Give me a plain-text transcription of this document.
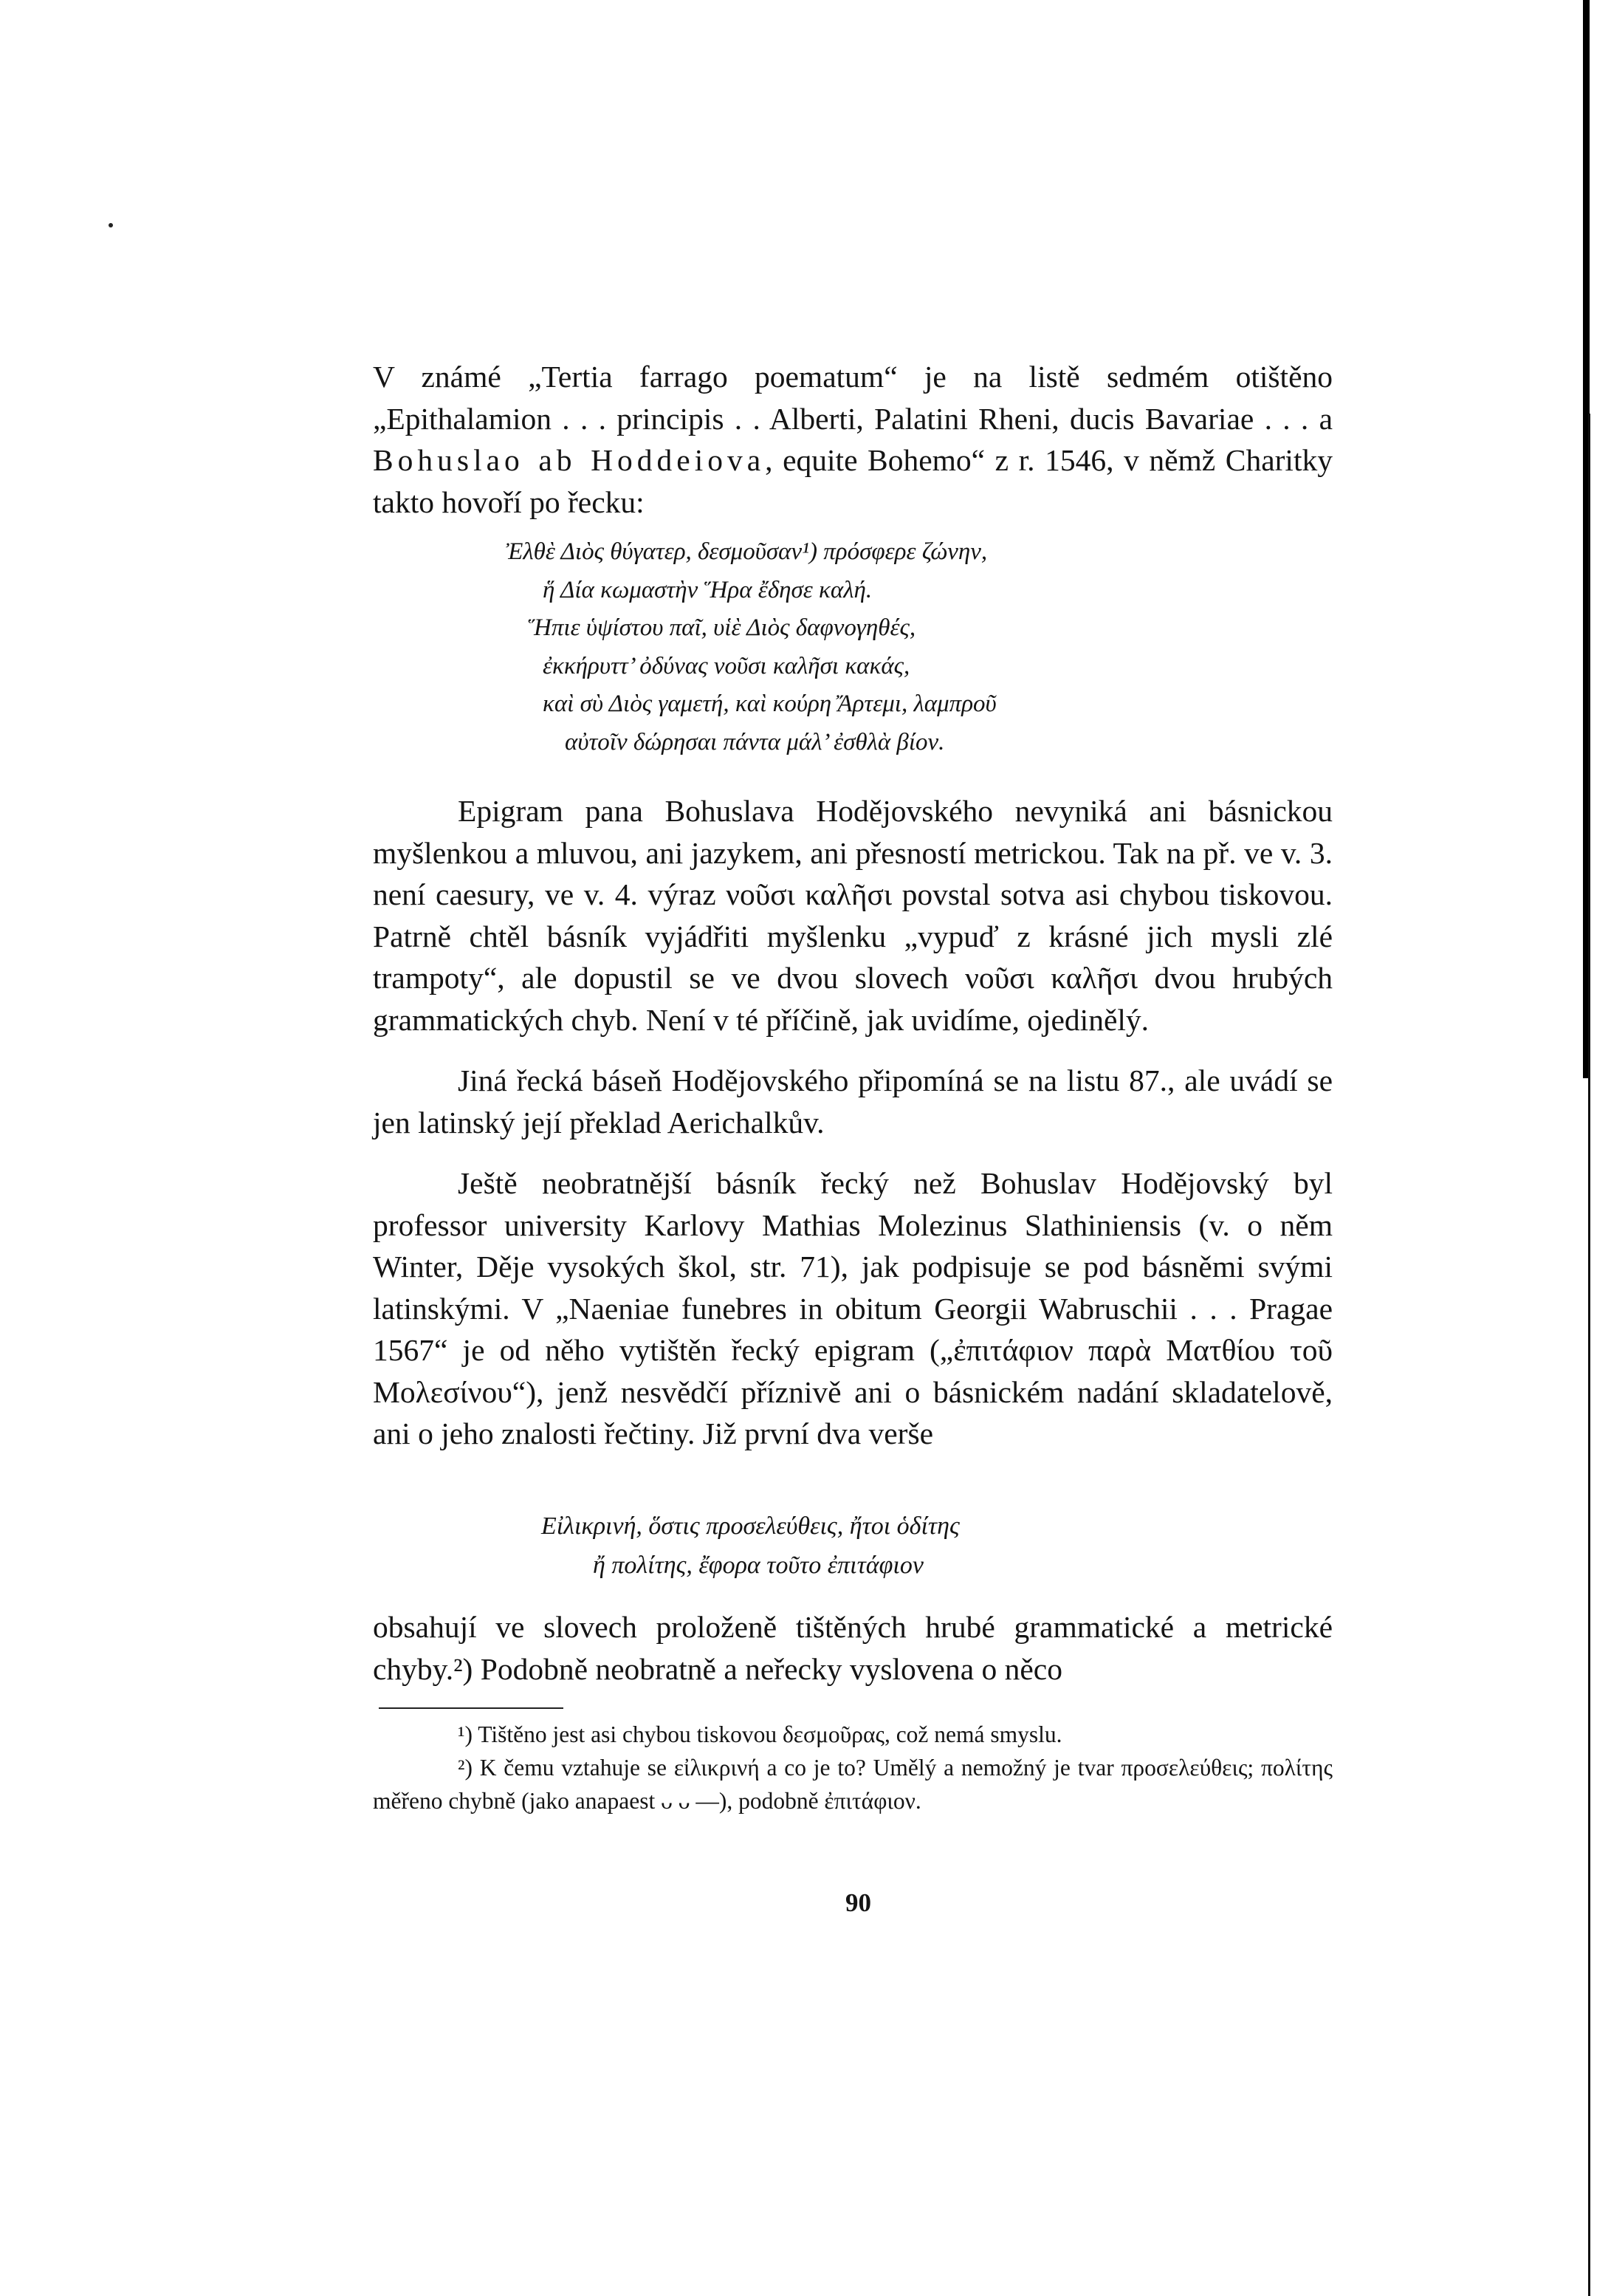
V známé „Tertia farrago poematum“ je na listě sedmém otištěno „Epithalamion . . . principis . . Alberti, Palatini Rheni, ducis Bavariae . . . a Bohuslao ab Hoddeiova, equite Bohemo“ z r. 1546, v němž Charitky takto hovoří po řecku:

Ἐλθὲ Διὸς θύγατερ, δεσμοῦσαν¹) πρόσφερε ζώνην,
ἥ Δία κωμαστὴν Ἥρα ἔδησε καλή.
Ἥπιε ὑψίστου παῖ, υἱὲ Διὸς δαφνογηθές,
ἐκκήρυττ’ ὀδύνας νοῦσι καλῆσι κακάς,
καὶ σὺ Διὸς γαμετή, καὶ κούρη Ἄρτεμι, λαμπροῦ
αὐτοῖν δώρησαι πάντα μάλ’ ἐσθλὰ βίον.

Epigram pana Bohuslava Hodějovského nevyniká ani básnickou myšlenkou a mluvou, ani jazykem, ani přesností metrickou. Tak na př. ve v. 3. není caesury, ve v. 4. výraz νοῦσι καλῆσι povstal sotva asi chybou tiskovou. Patrně chtěl básník vyjádřiti myšlenku „vypuď z krásné jich mysli zlé trampoty“, ale dopustil se ve dvou slovech νοῦσι καλῆσι dvou hrubých grammatických chyb. Není v té příčině, jak uvidíme, ojedinělý.

Jiná řecká báseň Hodějovského připomíná se na listu 87., ale uvádí se jen latinský její překlad Aerichalkův.

Ještě neobratnější básník řecký než Bohuslav Hodějovský byl professor university Karlovy Mathias Molezinus Slathiniensis (v. o něm Winter, Děje vysokých škol, str. 71), jak podpisuje se pod básněmi svými latinskými. V „Naeniae funebres in obitum Georgii Wabruschii . . . Pragae 1567“ je od něho vytištěn řecký epigram („ἐπιτάφιον παρὰ Ματθίου τοῦ Μολεσίνου“), jenž nesvědčí příznivě ani o básnickém nadání skladatelově, ani o jeho znalosti řečtiny. Již první dva verše

Εἰλικρινή, ὅστις προσελεύθεις, ἤτοι ὁδίτης
ἤ πολίτης, ἔφορα τοῦτο ἐπιτάφιον

obsahují ve slovech proloženě tištěných hrubé grammatické a metrické chyby.²) Podobně neobratně a neřecky vyslovena o něco

¹) Tištěno jest asi chybou tiskovou δεσμοῦρας, což nemá smyslu.

²) K čemu vztahuje se εἰλικρινή a co je to? Umělý a nemožný je tvar προσελεύθεις; πολίτης měřeno chybně (jako anapaest ᴗ ᴗ —), podobně ἐπιτάφιον.

90
